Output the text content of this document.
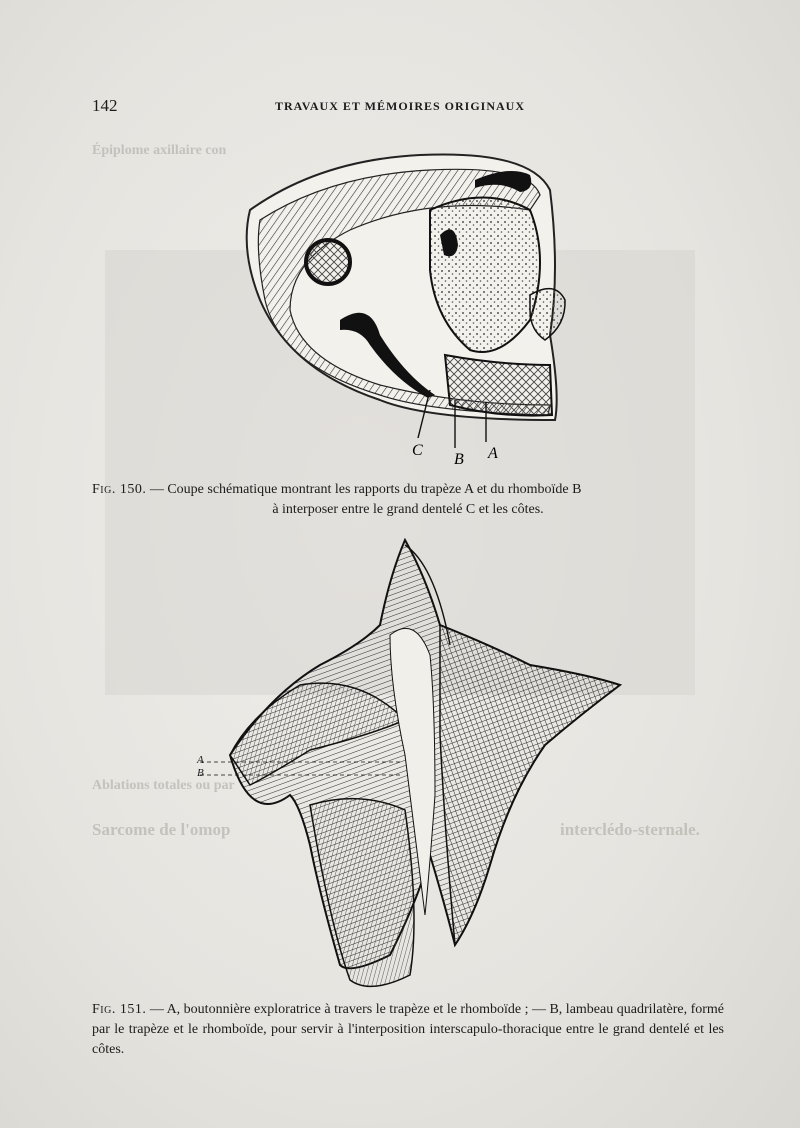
Épiplome axillaire con
Ablations totales ou par
Sarcome de l'omop	interclédo-sternale.
142	TRAVAUX ET MÉMOIRES ORIGINAUX
C
B A
Fig. 150. — Coupe schématique montrant les rapports du trapèze A et du rhomboïde B
à interposer entre le grand dentelé C et les côtes.
A
B
Fig. 151. — A, boutonnière exploratrice à travers le trapèze et le rhomboïde ; — B, lambeau quadrilatère, formé par le trapèze et le rhomboïde, pour servir à l'interposition interscapulo-thoracique entre le grand dentelé et les côtes.
